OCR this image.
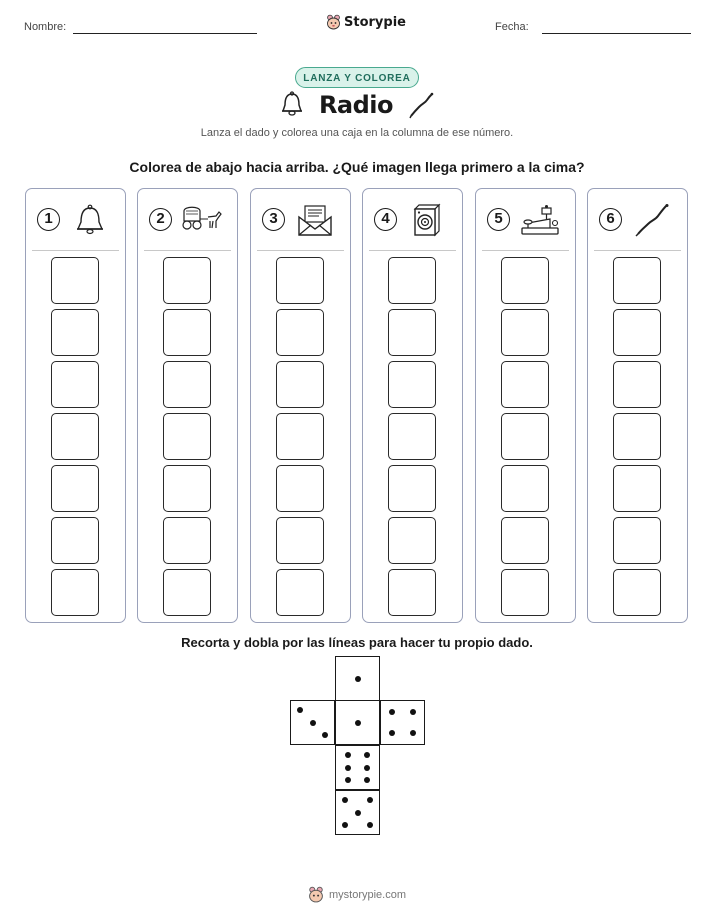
Nombre:	Storypie	Fecha:
LANZA Y COLOREA
Radio
Lanza el dado y colorea una caja en la columna de ese número.
Colorea de abajo hacia arriba. ¿Qué imagen llega primero a la cima?
1	2	3	4	5	6
Recorta y dobla por las líneas para hacer tu propio dado.
mystorypie.com
